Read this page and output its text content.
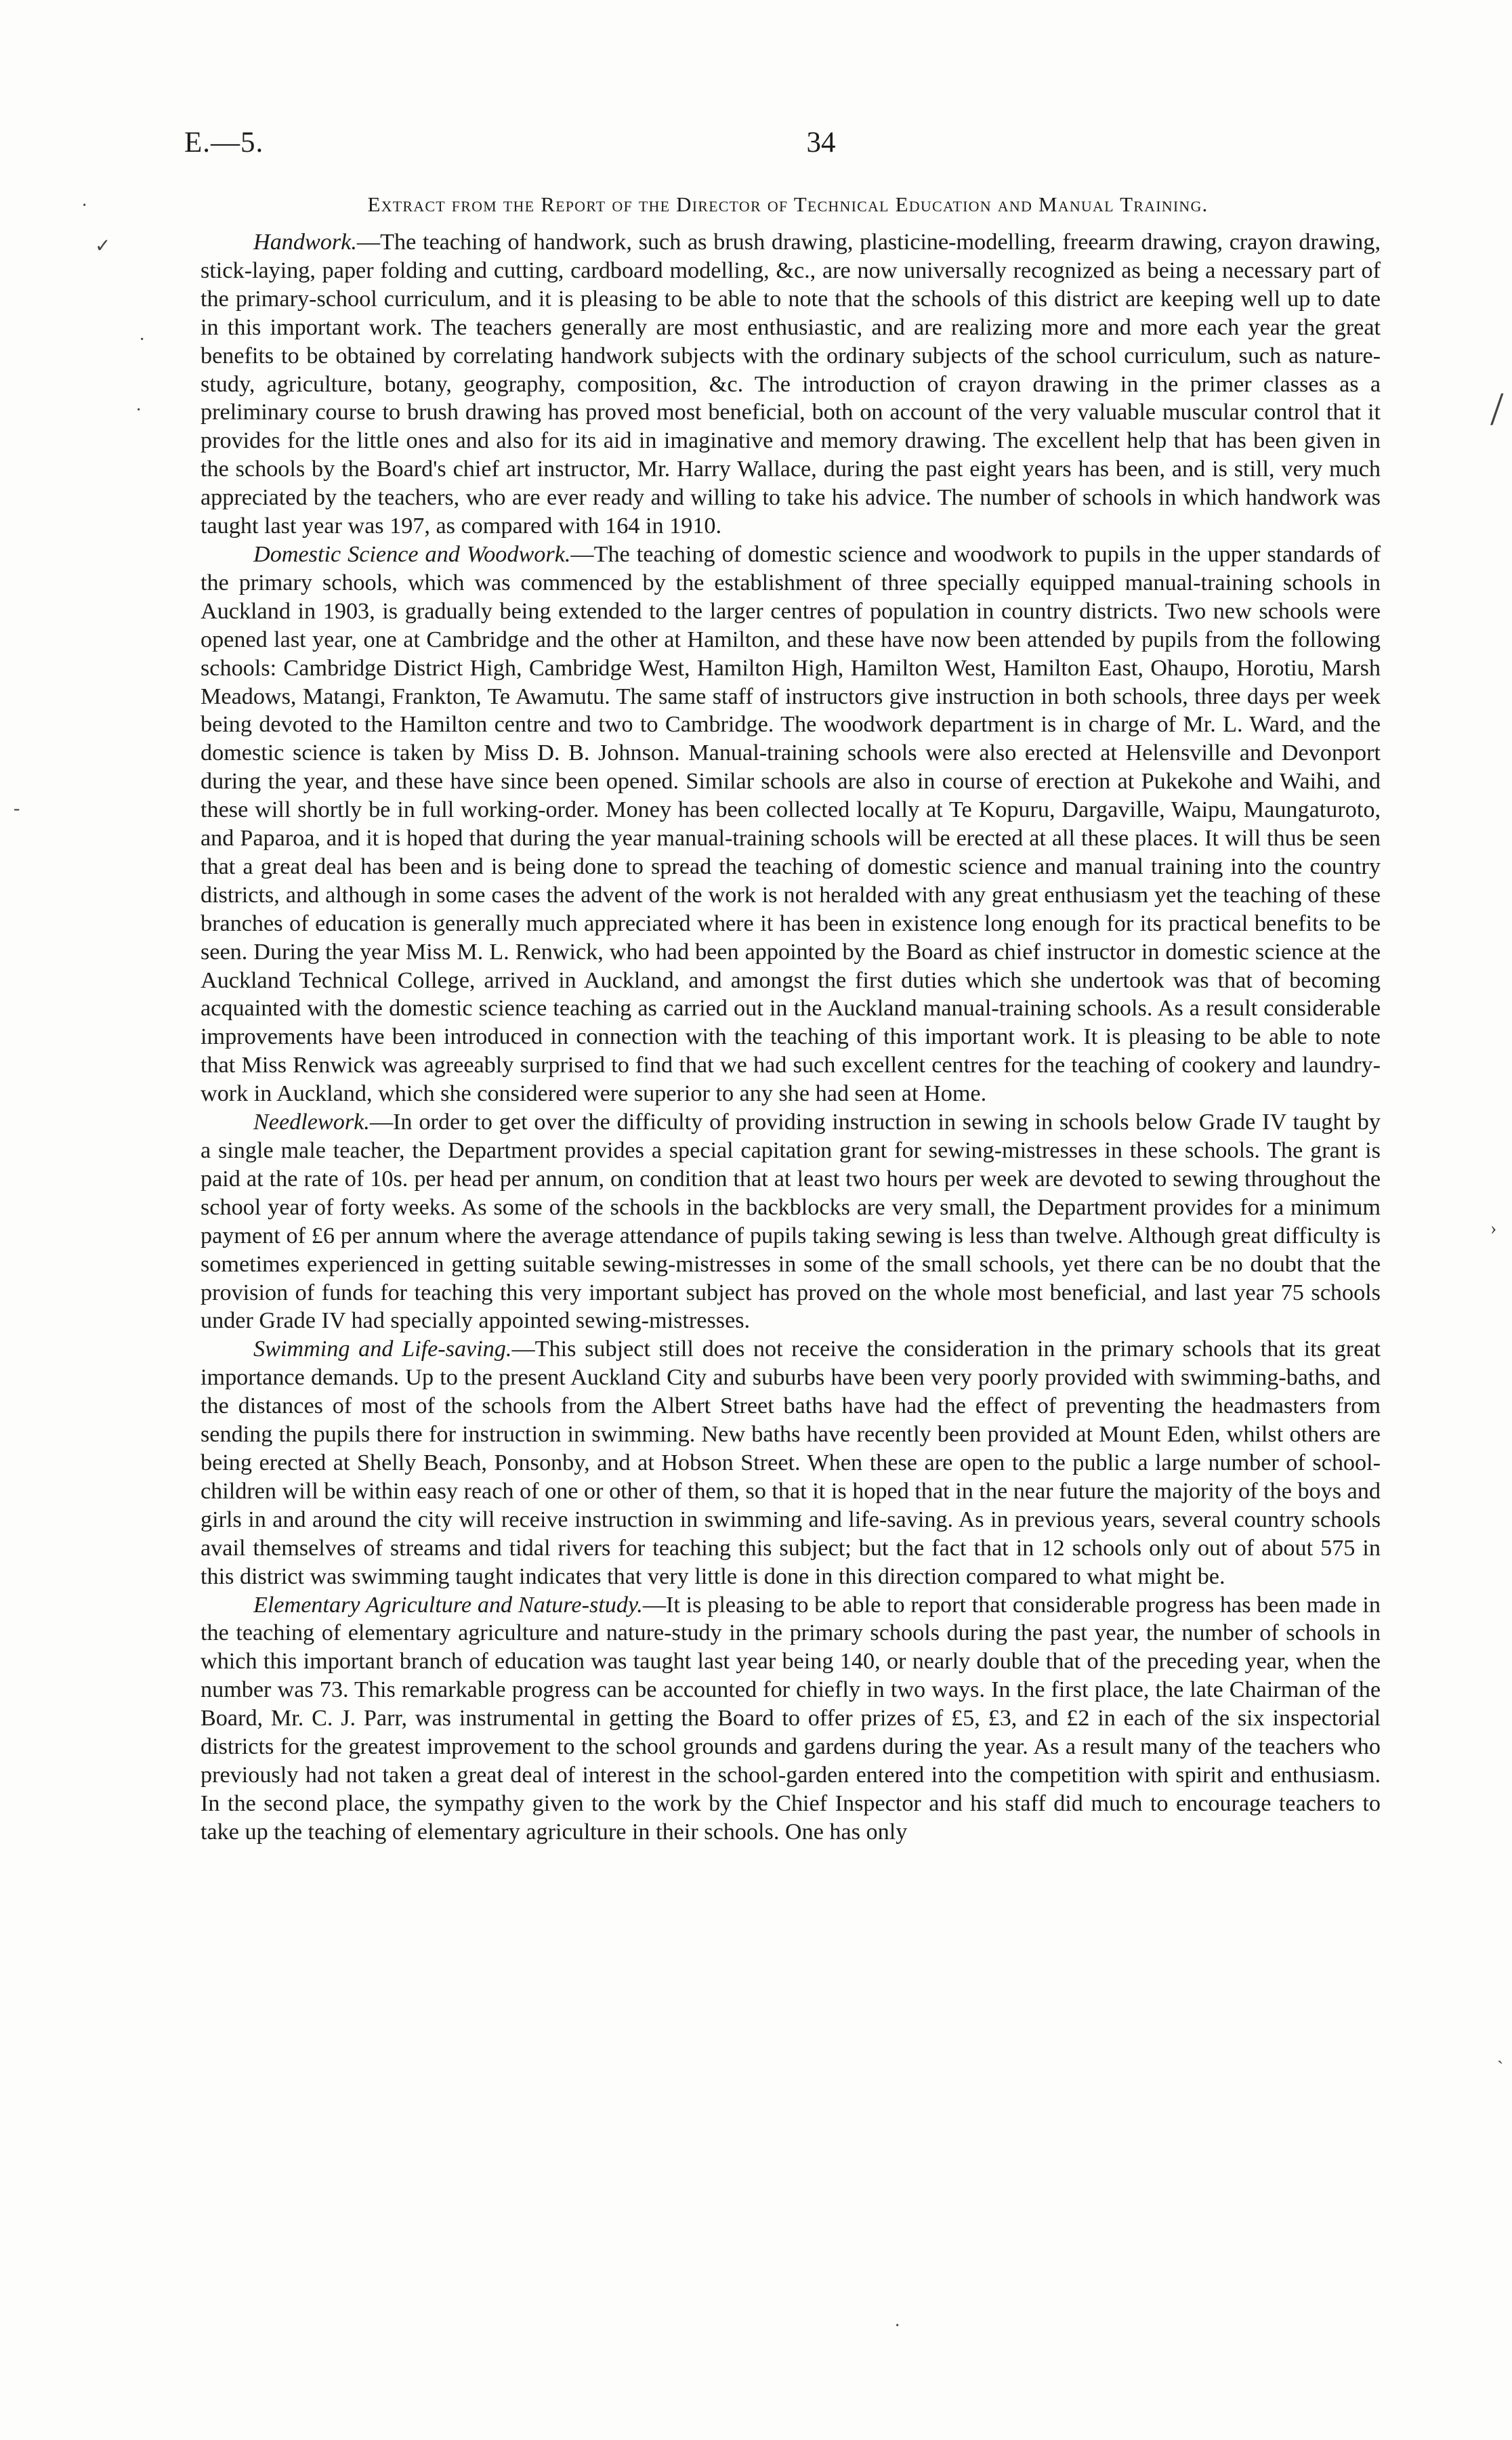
E.—5.	34
Extract from the Report of the Director of Technical Education and Manual Training.

Handwork.—The teaching of handwork, such as brush drawing, plasticine-modelling, freearm drawing, crayon drawing, stick-laying, paper folding and cutting, cardboard modelling, &c., are now universally recognized as being a necessary part of the primary-school curriculum, and it is pleasing to be able to note that the schools of this district are keeping well up to date in this important work. The teachers generally are most enthusiastic, and are realizing more and more each year the great benefits to be obtained by correlating handwork subjects with the ordinary subjects of the school curriculum, such as nature-study, agriculture, botany, geography, composition, &c. The introduction of crayon drawing in the primer classes as a preliminary course to brush drawing has proved most beneficial, both on account of the very valuable muscular control that it provides for the little ones and also for its aid in imaginative and memory drawing. The excellent help that has been given in the schools by the Board's chief art instructor, Mr. Harry Wallace, during the past eight years has been, and is still, very much appreciated by the teachers, who are ever ready and willing to take his advice. The number of schools in which handwork was taught last year was 197, as compared with 164 in 1910.

Domestic Science and Woodwork.—The teaching of domestic science and woodwork to pupils in the upper standards of the primary schools, which was commenced by the establishment of three specially equipped manual-training schools in Auckland in 1903, is gradually being extended to the larger centres of population in country districts. Two new schools were opened last year, one at Cambridge and the other at Hamilton, and these have now been attended by pupils from the following schools: Cambridge District High, Cambridge West, Hamilton High, Hamilton West, Hamilton East, Ohaupo, Horotiu, Marsh Meadows, Matangi, Frankton, Te Awamutu. The same staff of instructors give instruction in both schools, three days per week being devoted to the Hamilton centre and two to Cambridge. The woodwork department is in charge of Mr. L. Ward, and the domestic science is taken by Miss D. B. Johnson. Manual-training schools were also erected at Helensville and Devonport during the year, and these have since been opened. Similar schools are also in course of erection at Pukekohe and Waihi, and these will shortly be in full working-order. Money has been collected locally at Te Kopuru, Dargaville, Waipu, Maungaturoto, and Paparoa, and it is hoped that during the year manual-training schools will be erected at all these places. It will thus be seen that a great deal has been and is being done to spread the teaching of domestic science and manual training into the country districts, and although in some cases the advent of the work is not heralded with any great enthusiasm yet the teaching of these branches of education is generally much appreciated where it has been in existence long enough for its practical benefits to be seen. During the year Miss M. L. Renwick, who had been appointed by the Board as chief instructor in domestic science at the Auckland Technical College, arrived in Auckland, and amongst the first duties which she undertook was that of becoming acquainted with the domestic science teaching as carried out in the Auckland manual-training schools. As a result considerable improvements have been introduced in connection with the teaching of this important work. It is pleasing to be able to note that Miss Renwick was agreeably surprised to find that we had such excellent centres for the teaching of cookery and laundry-work in Auckland, which she considered were superior to any she had seen at Home.

Needlework.—In order to get over the difficulty of providing instruction in sewing in schools below Grade IV taught by a single male teacher, the Department provides a special capitation grant for sewing-mistresses in these schools. The grant is paid at the rate of 10s. per head per annum, on condition that at least two hours per week are devoted to sewing throughout the school year of forty weeks. As some of the schools in the backblocks are very small, the Department provides for a minimum payment of £6 per annum where the average attendance of pupils taking sewing is less than twelve. Although great difficulty is sometimes experienced in getting suitable sewing-mistresses in some of the small schools, yet there can be no doubt that the provision of funds for teaching this very important subject has proved on the whole most beneficial, and last year 75 schools under Grade IV had specially appointed sewing-mistresses.

Swimming and Life-saving.—This subject still does not receive the consideration in the primary schools that its great importance demands. Up to the present Auckland City and suburbs have been very poorly provided with swimming-baths, and the distances of most of the schools from the Albert Street baths have had the effect of preventing the headmasters from sending the pupils there for instruction in swimming. New baths have recently been provided at Mount Eden, whilst others are being erected at Shelly Beach, Ponsonby, and at Hobson Street. When these are open to the public a large number of school-children will be within easy reach of one or other of them, so that it is hoped that in the near future the majority of the boys and girls in and around the city will receive instruction in swimming and life-saving. As in previous years, several country schools avail themselves of streams and tidal rivers for teaching this subject; but the fact that in 12 schools only out of about 575 in this district was swimming taught indicates that very little is done in this direction compared to what might be.

Elementary Agriculture and Nature-study.—It is pleasing to be able to report that considerable progress has been made in the teaching of elementary agriculture and nature-study in the primary schools during the past year, the number of schools in which this important branch of education was taught last year being 140, or nearly double that of the preceding year, when the number was 73. This remarkable progress can be accounted for chiefly in two ways. In the first place, the late Chairman of the Board, Mr. C. J. Parr, was instrumental in getting the Board to offer prizes of £5, £3, and £2 in each of the six inspectorial districts for the greatest improvement to the school grounds and gardens during the year. As a result many of the teachers who previously had not taken a great deal of interest in the school-garden entered into the competition with spirit and enthusiasm. In the second place, the sympathy given to the work by the Chief Inspector and his staff did much to encourage teachers to take up the teaching of elementary agriculture in their schools. One has only

·
✓
·
·	/
-
›
`
·
